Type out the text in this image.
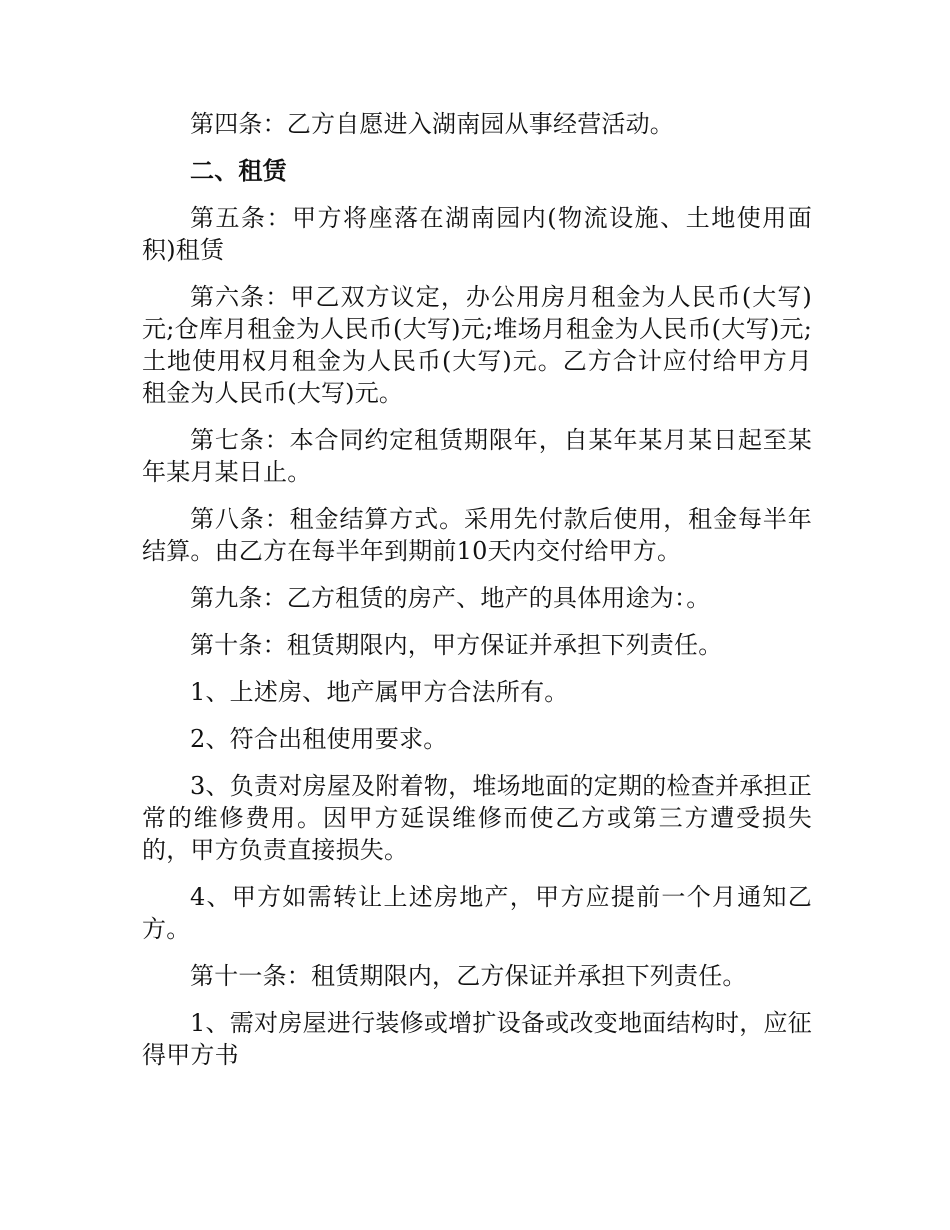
第四条：乙方自愿进入湖南园从事经营活动。

二、租赁

第五条：甲方将座落在湖南园内(物流设施、土地使用面积)租赁

第六条：甲乙双方议定，办公用房月租金为人民币(大写)元;仓库月租金为人民币(大写)元;堆场月租金为人民币(大写)元;土地使用权月租金为人民币(大写)元。乙方合计应付给甲方月租金为人民币(大写)元。

第七条：本合同约定租赁期限年，自某年某月某日起至某年某月某日止。

第八条：租金结算方式。采用先付款后使用，租金每半年结算。由乙方在每半年到期前10天内交付给甲方。

第九条：乙方租赁的房产、地产的具体用途为：。

第十条：租赁期限内，甲方保证并承担下列责任。

1、上述房、地产属甲方合法所有。

2、符合出租使用要求。

3、负责对房屋及附着物，堆场地面的定期的检查并承担正常的维修费用。因甲方延误维修而使乙方或第三方遭受损失的，甲方负责直接损失。

4、甲方如需转让上述房地产，甲方应提前一个月通知乙方。

第十一条：租赁期限内，乙方保证并承担下列责任。

1、需对房屋进行装修或增扩设备或改变地面结构时，应征得甲方书
